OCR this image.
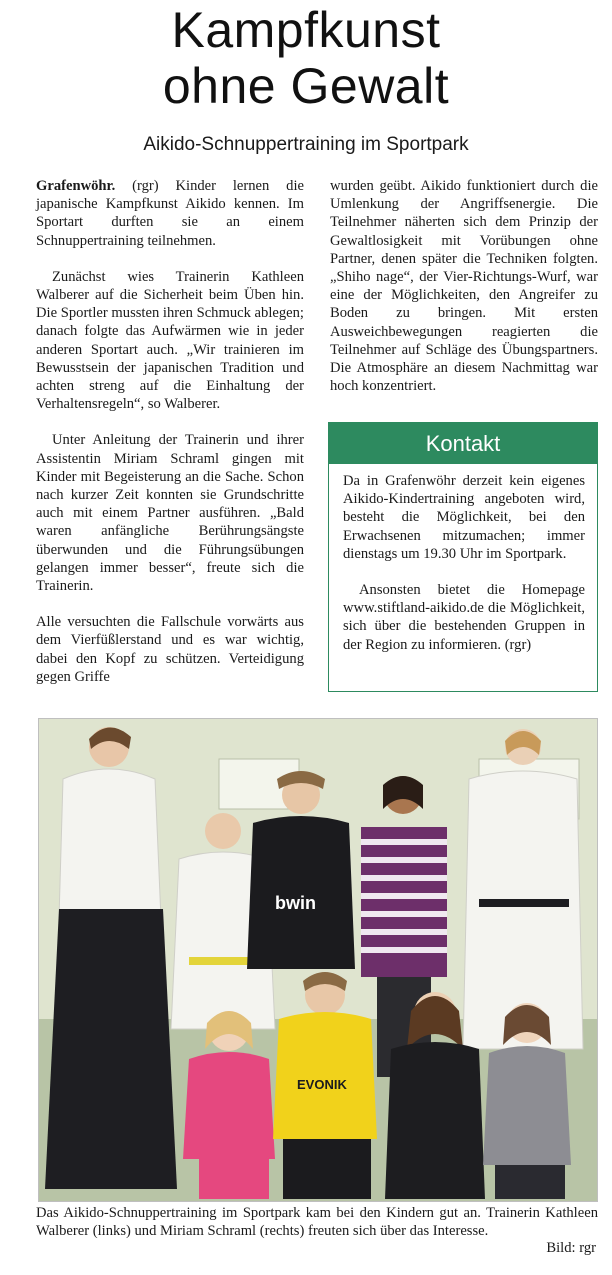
Kampfkunst
ohne Gewalt
Aikido-Schnuppertraining im Sportpark

Grafenwöhr. (rgr) Kinder lernen die japanische Kampfkunst Aikido kennen. Im Sportart durften sie an einem Schnuppertraining teilnehmen.

Zunächst wies Trainerin Kathleen Walberer auf die Sicherheit beim Üben hin. Die Sportler mussten ihren Schmuck ablegen; danach folgte das Aufwärmen wie in jeder anderen Sportart auch. „Wir trainieren im Bewusstsein der japanischen Tradition und achten streng auf die Einhaltung der Verhaltensregeln“, so Walberer.

Unter Anleitung der Trainerin und ihrer Assistentin Miriam Schraml gingen mit Kinder mit Begeisterung an die Sache. Schon nach kurzer Zeit konnten sie Grundschritte auch mit einem Partner ausführen. „Bald waren anfängliche Berührungsängste überwunden und die Führungsübungen gelangen immer besser“, freute sich die Trainerin.

Alle versuchten die Fallschule vorwärts aus dem Vierfüßlerstand und es war wichtig, dabei den Kopf zu schützen. Verteidigung gegen Griffe

wurden geübt. Aikido funktioniert durch die Umlenkung der Angriffsenergie. Die Teilnehmer näherten sich dem Prinzip der Gewaltlosigkeit mit Vorübungen ohne Partner, denen später die Techniken folgten. „Shiho nage“, der Vier-Richtungs-Wurf, war eine der Möglichkeiten, den Angreifer zu Boden zu bringen. Mit ersten Ausweichbewegungen reagierten die Teilnehmer auf Schläge des Übungspartners. Die Atmosphäre an diesem Nachmittag war hoch konzentriert.

Kontakt

Da in Grafenwöhr derzeit kein eigenes Aikido-Kindertraining angeboten wird, besteht die Möglichkeit, bei den Erwachsenen mitzumachen; immer dienstags um 19.30 Uhr im Sportpark.

Ansonsten bietet die Homepage www.stiftland-aikido.de die Möglichkeit, sich über die bestehenden Gruppen in der Region zu informieren. (rgr)

bwin
EVONIK
Das Aikido-Schnuppertraining im Sportpark kam bei den Kindern gut an. Trainerin Kathleen Walberer (links) und Miriam Schraml (rechts) freuten sich über das Interesse.
Bild: rgr
